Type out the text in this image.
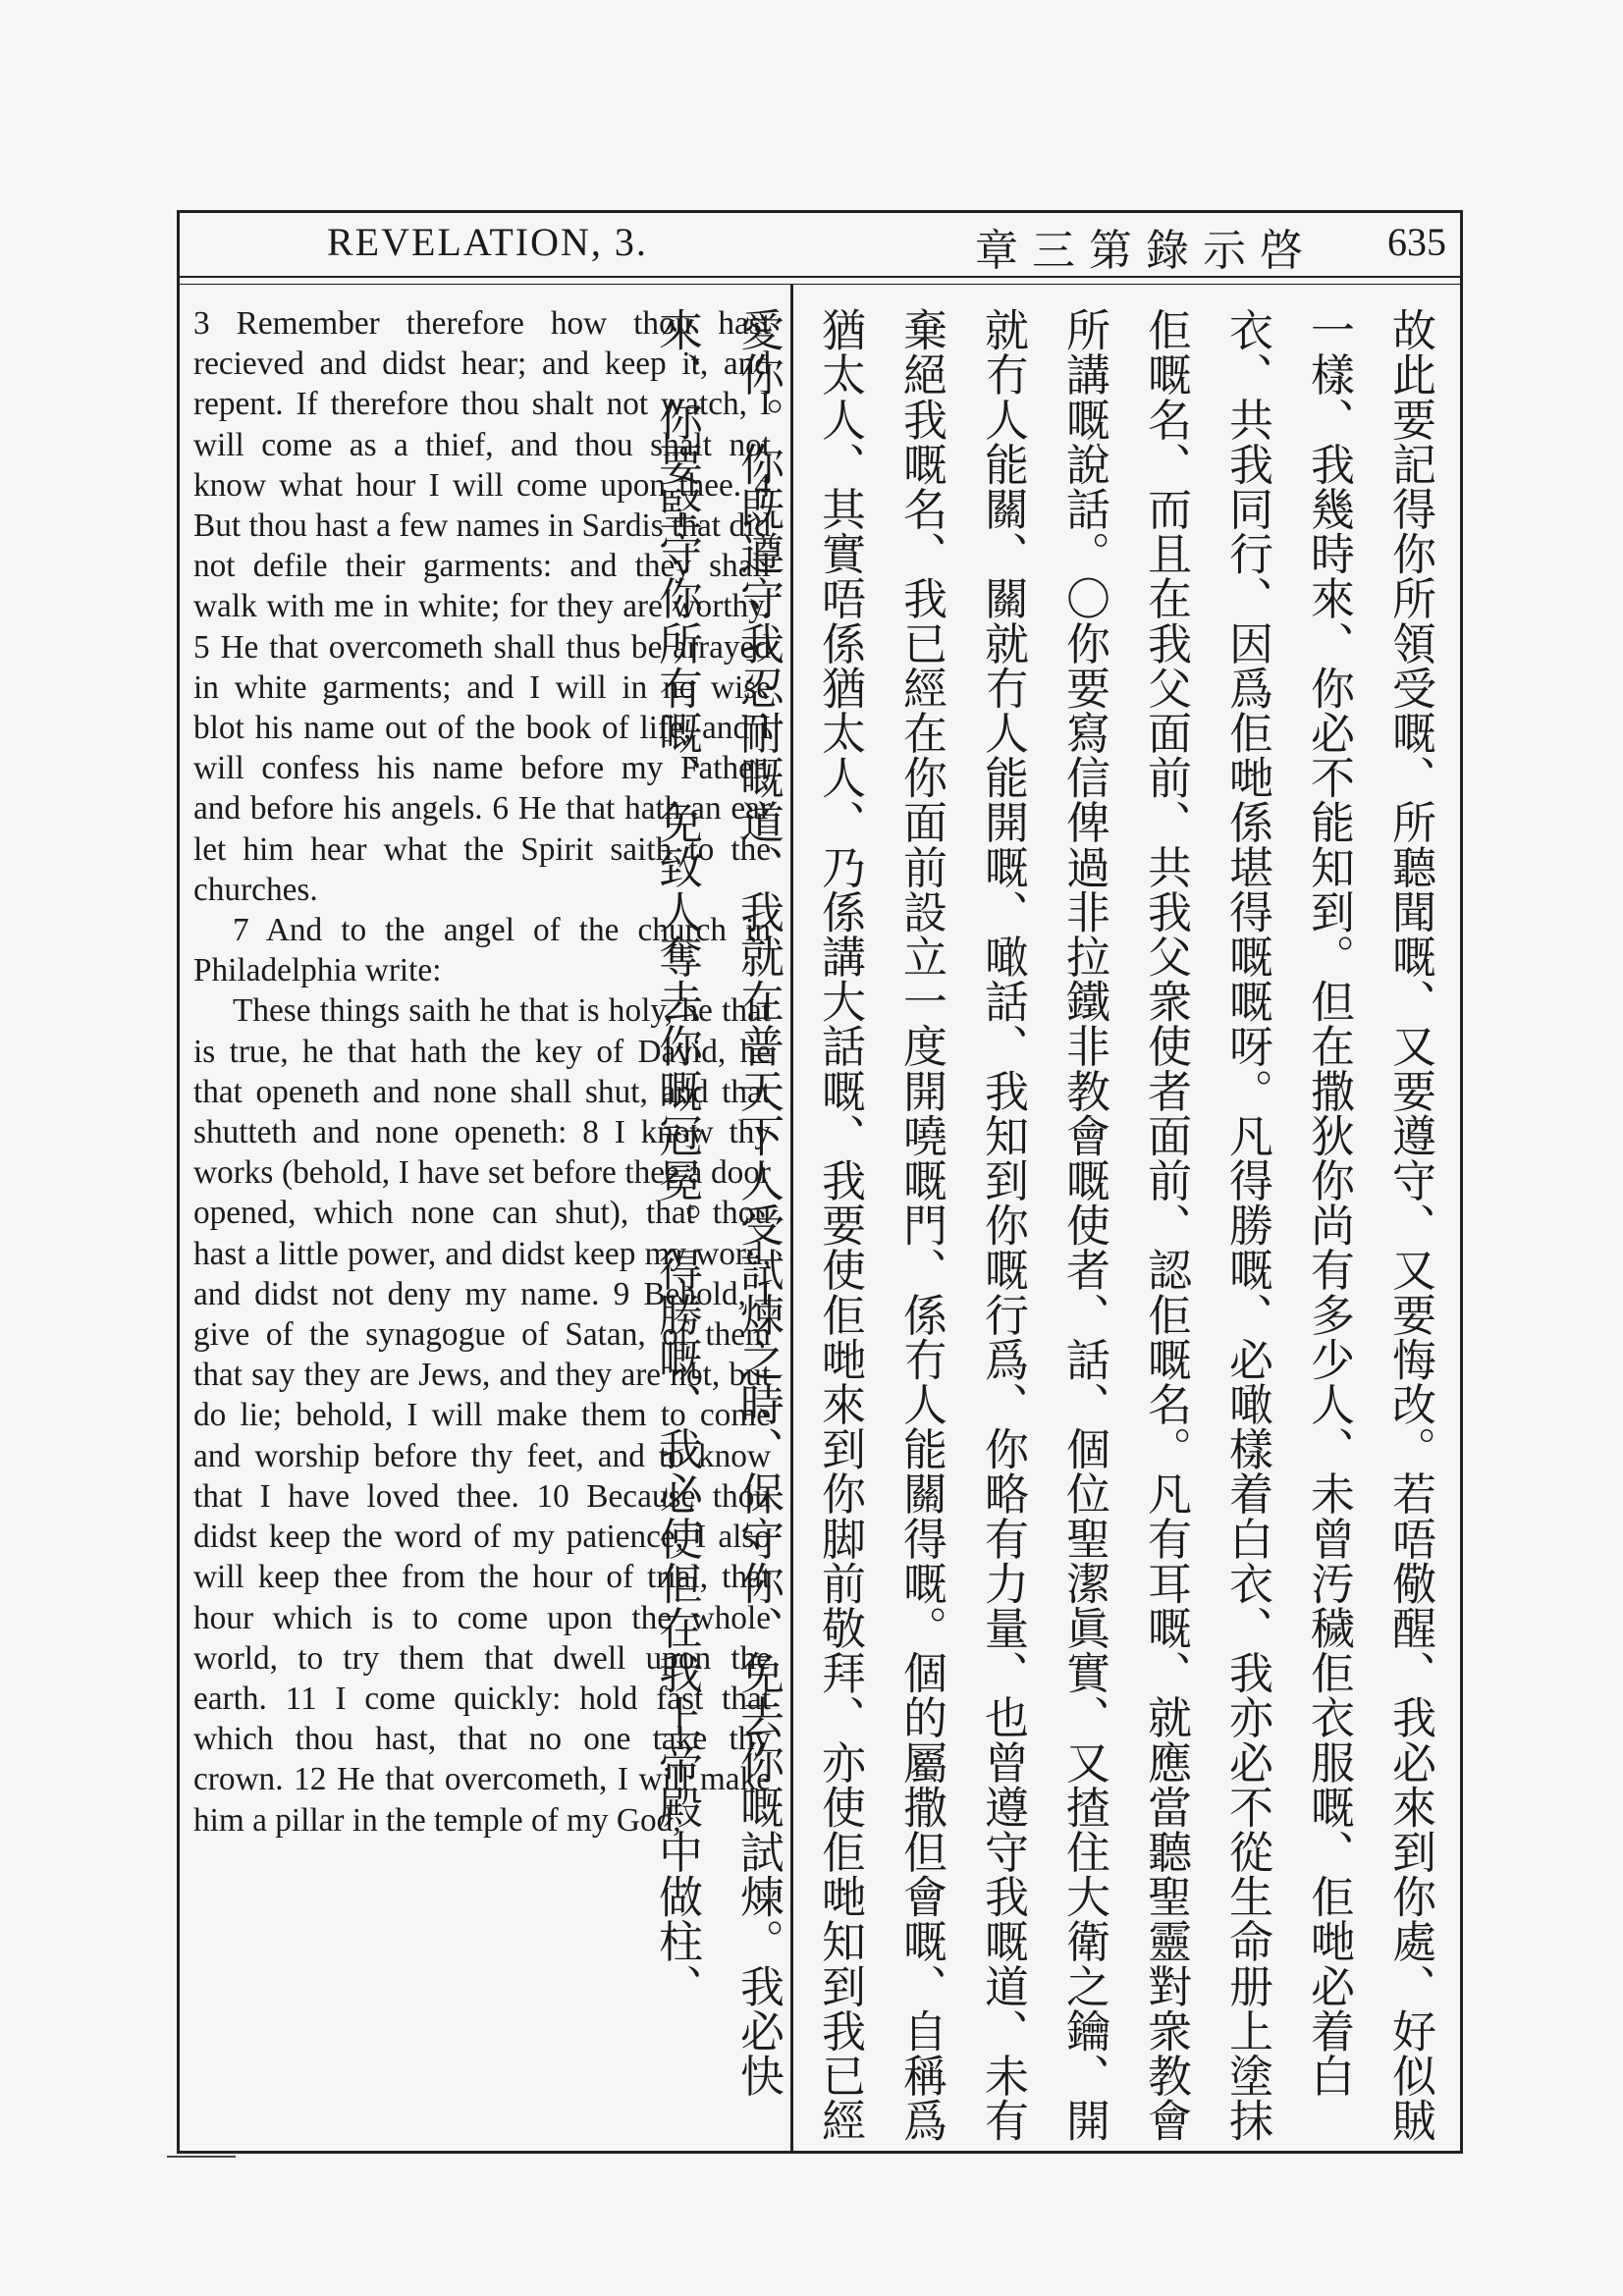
REVELATION, 3.	章三第錄示啓 635

3 Remember therefore how thou hast recieved and didst hear; and keep it, and repent. If therefore thou shalt not watch, I will come as a thief, and thou shalt not know what hour I will come upon thee. 4 But thou hast a few names in Sardis that did not defile their garments: and they shall walk with me in white; for they are worthy. 5 He that overcometh shall thus be arrayed in white garments; and I will in no wise blot his name out of the book of life, and I will confess his name before my Father, and before his angels. 6 He that hath an ear let him hear what the Spirit saith to the churches.

7 And to the angel of the church in Philadelphia write:

These things saith he that is holy, he that is true, he that hath the key of David, he that openeth and none shall shut, and that shutteth and none openeth: 8 I know thy works (behold, I have set before thee a door opened, which none can shut), that thou hast a little power, and didst keep my word, and didst not deny my name. 9 Behold, I give of the synagogue of Satan, of them that say they are Jews, and they are not, but do lie; behold, I will make them to come and worship before thy feet, and to know that I have loved thee. 10 Because thou didst keep the word of my patience, I also will keep thee from the hour of trial, that hour which is to come upon the whole world, to try them that dwell upon the earth. 11 I come quickly: hold fast that which thou hast, that no one take thy crown. 12 He that overcometh, I will make him a pillar in the temple of my God,	故此要記得你所領受嘅、所聽聞嘅、又要遵守、又要悔改。若唔儆醒、我必來到你處、好似賊一樣、我幾時來、你必不能知到。但在撒狄你尚有多少人、未曾汚穢佢衣服嘅、佢哋必着白衣、共我同行、因爲佢哋係堪得嘅嘅呀。凡得勝嘅、必噉樣着白衣、我亦必不從生命册上塗抹佢嘅名、而且在我父面前、共我父衆使者面前、認佢嘅名。凡有耳嘅、就應當聽聖靈對衆教會所講嘅說話。〇你要寫信俾過非拉鐵非教會嘅使者、話、個位聖潔眞實、又揸住大衛之鑰、開就冇人能關、關就冇人能開嘅、噉話、我知到你嘅行爲、你略有力量、也曾遵守我嘅道、未有棄絕我嘅名、我已經在你面前設立一度開嘵嘅門、係冇人能關得嘅。個的屬撒但會嘅、自稱爲猶太人、其實唔係猶太人、乃係講大話嘅、我要使佢哋來到你脚前敬拜、亦使佢哋知到我已經愛你。你既遵守我忍耐嘅道、我就在普天下人受試煉之時、保守你、免去你嘅試煉。我必快來、你要堅守你所有嘅、免致人奪去你嘅冠冕。得勝嘅、我必使佢在我上帝殿中做柱、
